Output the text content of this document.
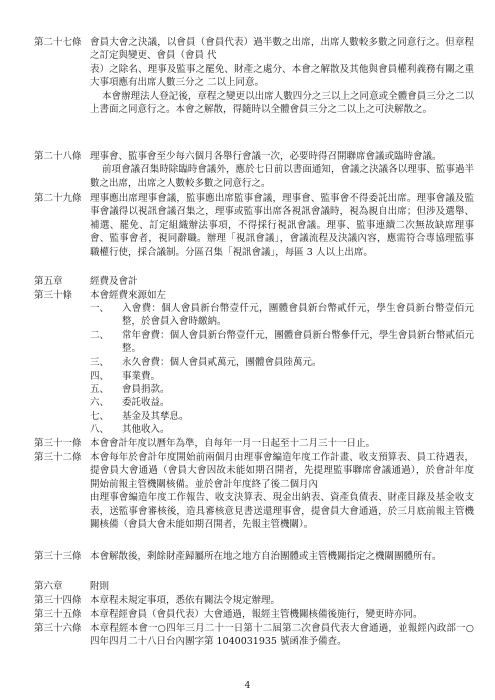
第二十七條 會員大會之決議，以會員（會員代表）過半數之出席，出席人數較多數之同意行之。但章程之訂定與變更、會員（會員 代

表）之除名、理事及監事之罷免、財產之處分、本會之解散及其他與會員權利義務有關之重大事項應有出席人數三分之 二以上同意。

本會辦理法人登記後，章程之變更以出席人數四分之三以上之同意或全體會員三分之二以上書面之同意行之。本會之解散，得隨時以全體會員三分之二以上之可決解散之。

第二十八條 理事會、監事會至少每六個月各舉行會議一次，必要時得召開聯席會議或臨時會議。

前項會議召集時除臨時會議外，應於七日前以書面通知，會議之決議各以理事、監事過半數之出席，出席之人數較多數之同意行之。

第二十九條 理事應出席理事會議，監事應出席監事會議，理事會、監事會不得委託出席。理事會議及監事會議得以視訊會議召集之，理事或監事出席各視訊會議時，視為親自出席；但涉及選舉、補選、罷免、訂定組織辦法事項，不得採行視訊會議。理事、監事連續二次無故缺席理事會、監事會者，視同辭職。辦理「視訊會議」，會議流程及決議內容，應需符合專協理監事職權行使，採合議制。分區召集「視訊會議」，每區 3 人以上出席。

第五章	經費及會計
第三十條	本會經費來源如左

一、 入會費：個人會員新台幣壹仟元，團體會員新台幣貳仟元，學生會員新台幣壹佰元整，於會員入會時繳納。
二、 常年會費：個人會員新台幣壹仟元，團體會員新台幣參仟元，學生會員新台幣貳佰元整。
三、 永久會費：個人會員貳萬元，團體會員陸萬元。
四、 事業費。
五、 會員捐款。
六、 委託收益。
七、 基金及其孳息。
八、 其他收入。
第三十一條 本會會計年度以曆年為準，自每年一月一日起至十二月三十一日止。

第三十二條 本會每年於會計年度開始前兩個月由理事會編造年度工作計畫、收支預算表、員工待遇表，提會員大會通過（會員大會因故未能如期召開者，先提理監事聯席會議通過），於會計年度開始前報主管機關核備。並於會計年度終了後二個月內

由理事會編造年度工作報告、收支決算表、現金出納表、資產負債表、財產目錄及基金收支表，送監事會審核後，造具審核意見書送還理事會，提會員大會通過，於三月底前報主管機關核備（會員大會未能如期召開者，先報主管機關）。

第三十三條 本會解散後，剩餘財產歸屬所在地之地方自治團體或主管機關指定之機關團體所有。

第六章	附則
第三十四條 本章程未規定事項，悉依有關法令規定辦理。

第三十五條 本章程經會員（會員代表）大會通過，報經主管機關核備後施行，變更時亦同。

第三十六條 本章程經本會一○四年三月二十一日第十二屆第二次會員代表大會通過，並報經內政部一○四年四月二十八日台內團字第 1040031935 號函准予備查。

4
